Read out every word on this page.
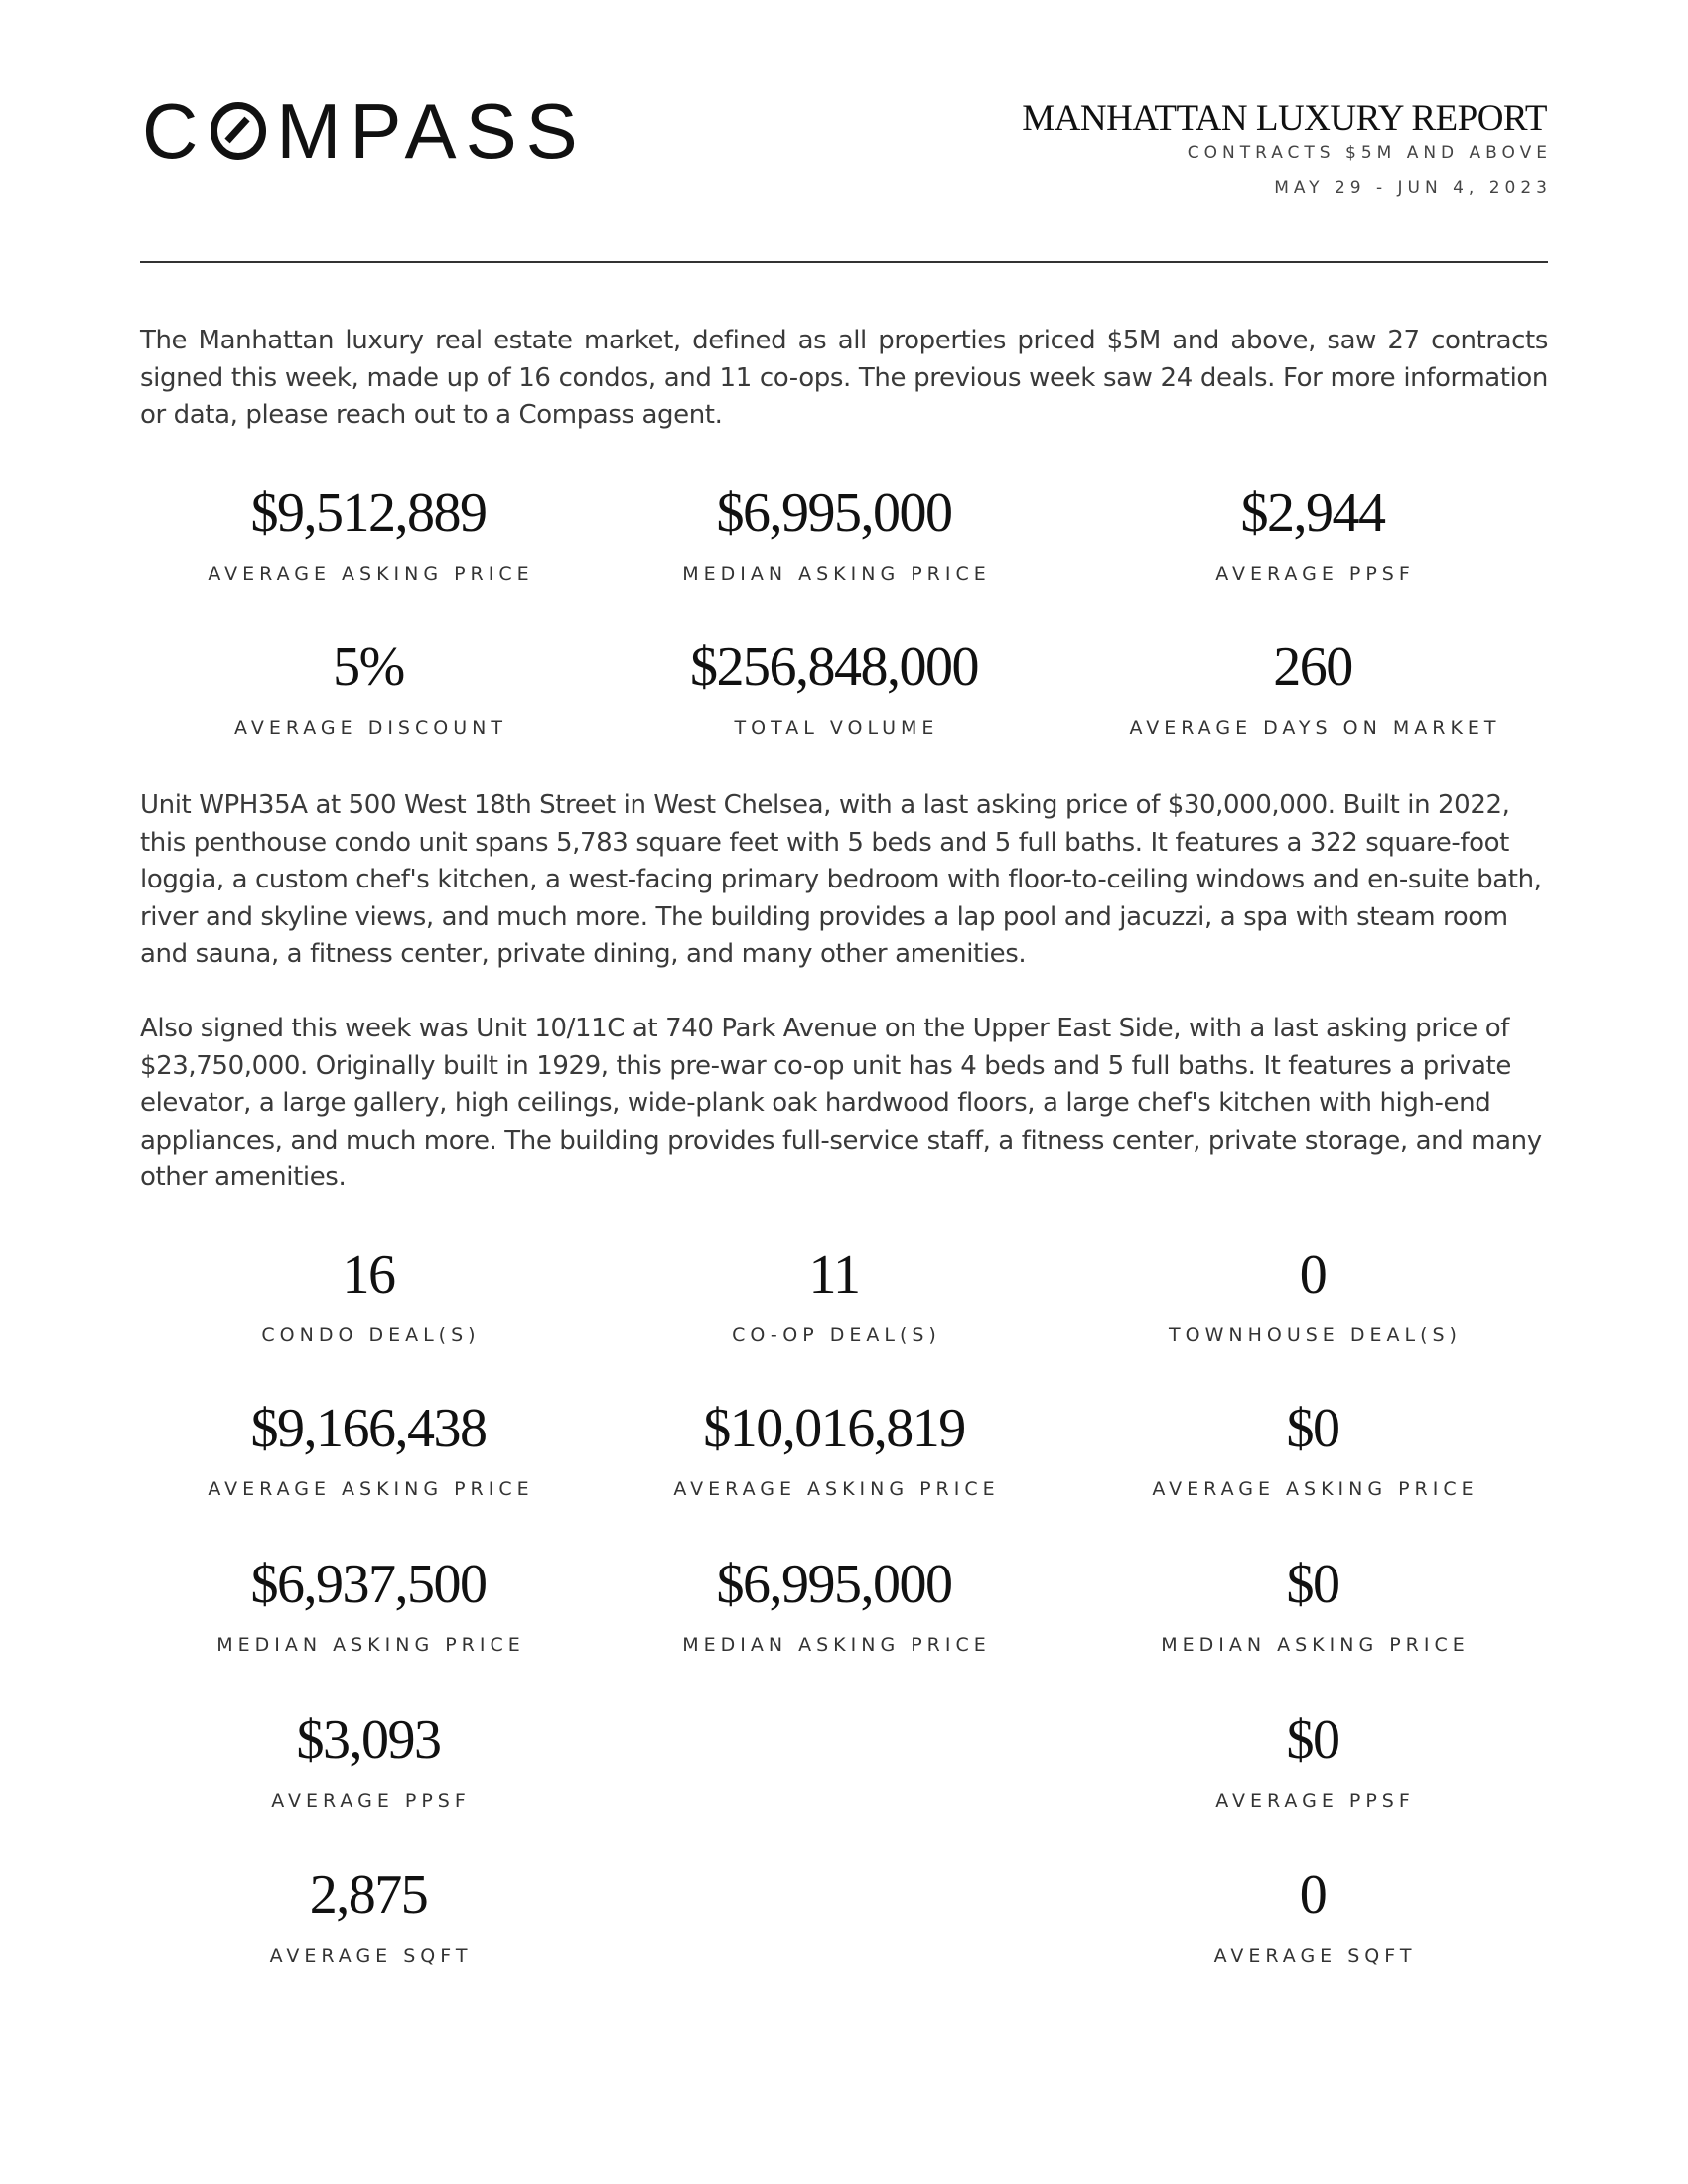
C MPASS	MANHATTAN LUXURY REPORT
CONTRACTS $5M AND ABOVE
MAY 29 - JUN 4, 2023

The Manhattan luxury real estate market, defined as all properties priced $5M and above, saw 27 contracts signed this week, made up of 16 condos, and 11 co-ops. The previous week saw 24 deals. For more information or data, please reach out to a Compass agent.

$9,512,889
AVERAGE ASKING PRICE
$6,995,000
MEDIAN ASKING PRICE
$2,944
AVERAGE PPSF
5%
AVERAGE DISCOUNT
$256,848,000
TOTAL VOLUME
260
AVERAGE DAYS ON MARKET

Unit WPH35A at 500 West 18th Street in West Chelsea, with a last asking price of $30,000,000. Built in 2022, this penthouse condo unit spans 5,783 square feet with 5 beds and 5 full baths. It features a 322 square-foot loggia, a custom chef's kitchen, a west-facing primary bedroom with floor-to-ceiling windows and en-suite bath, river and skyline views, and much more. The building provides a lap pool and jacuzzi, a spa with steam room and sauna, a fitness center, private dining, and many other amenities.

Also signed this week was Unit 10/11C at 740 Park Avenue on the Upper East Side, with a last asking price of $23,750,000. Originally built in 1929, this pre-war co-op unit has 4 beds and 5 full baths. It features a private elevator, a large gallery, high ceilings, wide-plank oak hardwood floors, a large chef's kitchen with high-end appliances, and much more. The building provides full-service staff, a fitness center, private storage, and many other amenities.

16
CONDO DEAL(S)
$9,166,438
AVERAGE ASKING PRICE
$6,937,500
MEDIAN ASKING PRICE
$3,093
AVERAGE PPSF
2,875
AVERAGE SQFT
11
CO-OP DEAL(S)
$10,016,819
AVERAGE ASKING PRICE
$6,995,000
MEDIAN ASKING PRICE
0
TOWNHOUSE DEAL(S)
$0
AVERAGE ASKING PRICE
$0
MEDIAN ASKING PRICE
$0
AVERAGE PPSF
0
AVERAGE SQFT
